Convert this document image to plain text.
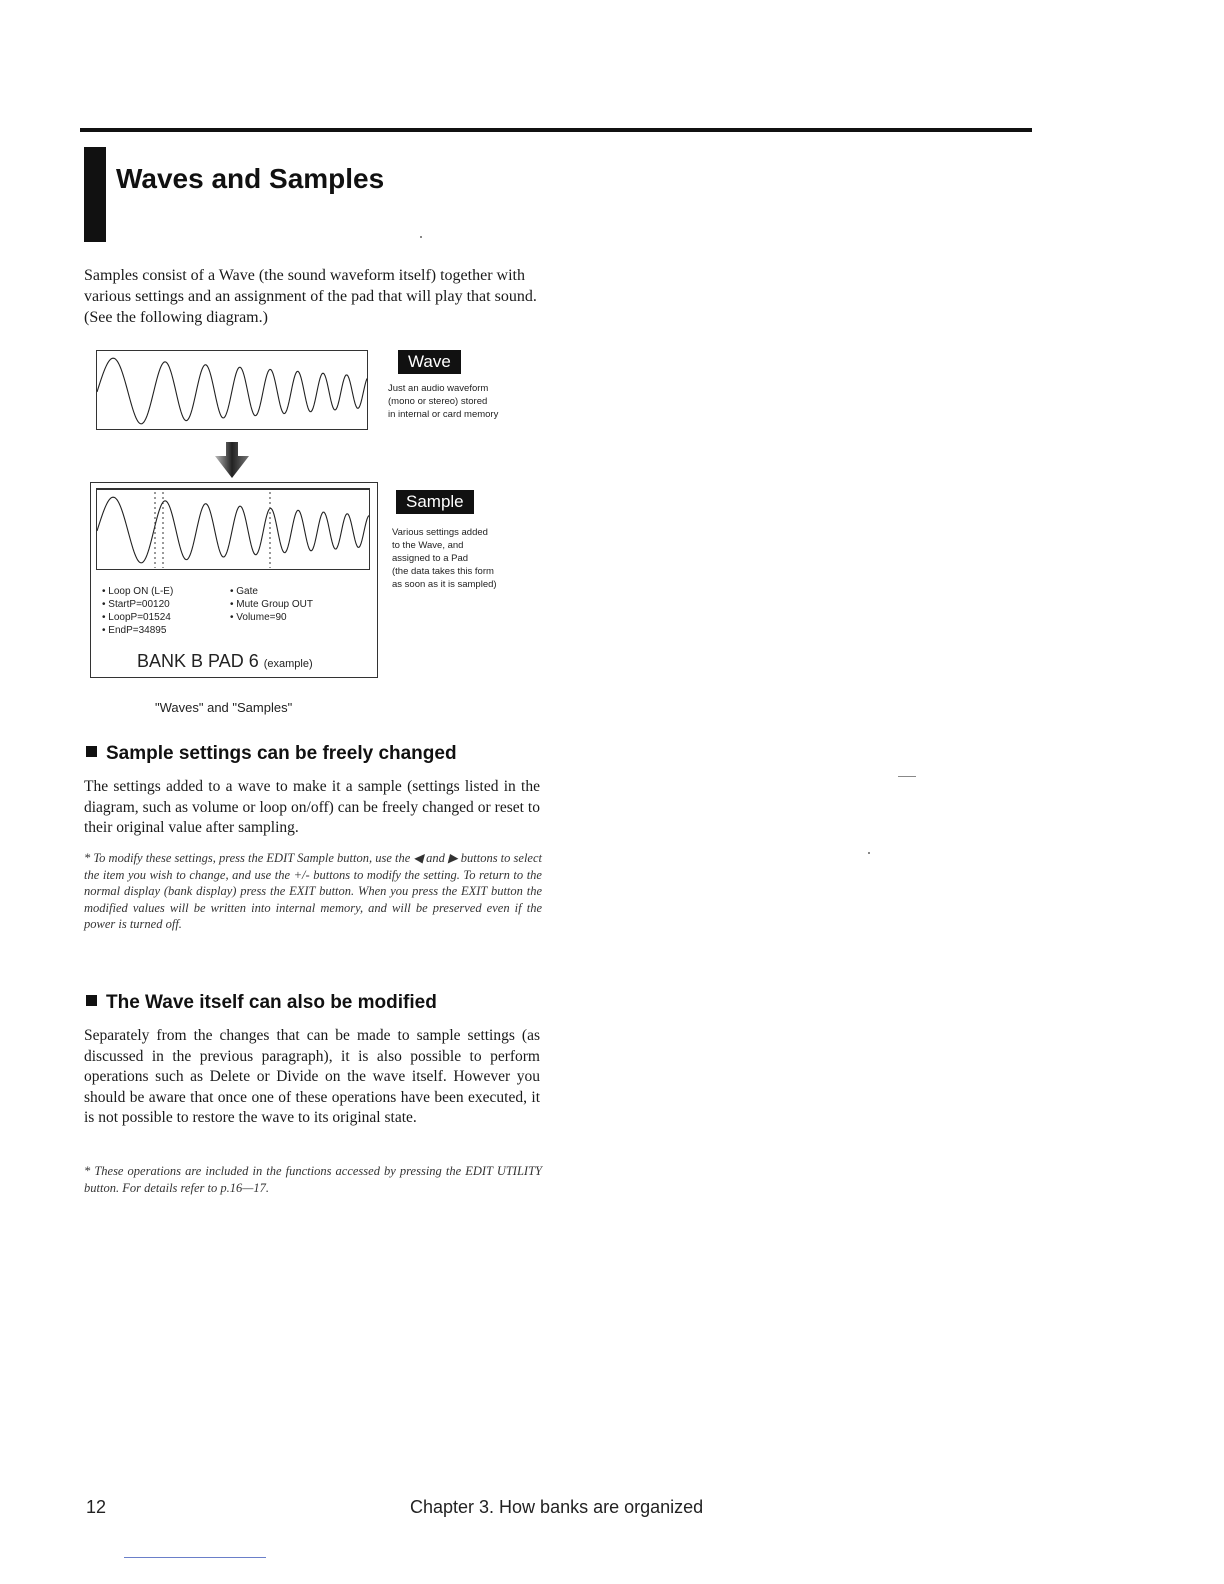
Waves and Samples

Samples consist of a Wave (the sound waveform itself) together with various settings and an assignment of the pad that will play that sound. (See the following diagram.)

Wave

Just an audio waveform
(mono or stereo) stored
in internal or card memory

• Loop ON (L-E)
• StartP=00120
• LoopP=01524
• EndP=34895
• Gate
• Mute Group OUT
• Volume=90
BANK B PAD 6 (example)
Sample

Various settings added
to the Wave, and
assigned to a Pad
(the data takes this form
as soon as it is sampled)

"Waves" and "Samples"
Sample settings can be freely changed

The settings added to a wave to make it a sample (settings listed in the diagram, such as volume or loop on/off) can be freely changed or reset to their original value after sampling.

* To modify these settings, press the EDIT Sample button, use the ◀ and ▶ buttons to select the item you wish to change, and use the +/- buttons to modify the setting. To return to the normal display (bank display) press the EXIT button. When you press the EXIT button the modified values will be written into internal memory, and will be preserved even if the power is turned off.

The Wave itself can also be modified

Separately from the changes that can be made to sample settings (as discussed in the previous paragraph), it is also possible to perform operations such as Delete or Divide on the wave itself. However you should be aware that once one of these operations have been executed, it is not possible to restore the wave to its original state.

* These operations are included in the functions accessed by pressing the EDIT UTILITY button. For details refer to p.16—17.

12	Chapter 3. How banks are organized
